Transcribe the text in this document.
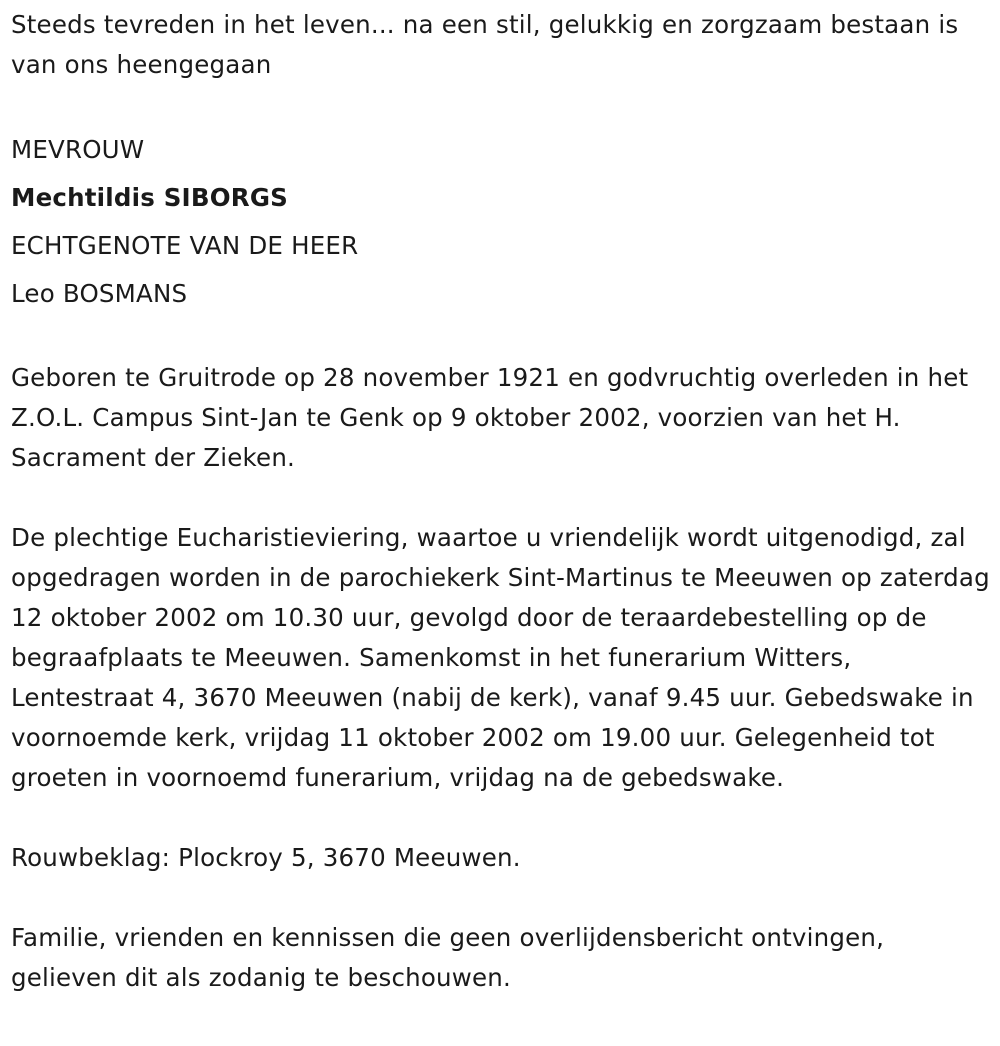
Steeds tevreden in het leven... na een stil, gelukkig en zorgzaam bestaan is van ons heengegaan

MEVROUW

Mechtildis SIBORGS

ECHTGENOTE VAN DE HEER

Leo BOSMANS

Geboren te Gruitrode op 28 november 1921 en godvruchtig overleden in het Z.O.L. Campus Sint-Jan te Genk op 9 oktober 2002, voorzien van het H. Sacrament der Zieken.

De plechtige Eucharistieviering, waartoe u vriendelijk wordt uitgenodigd, zal opgedragen worden in de parochiekerk Sint-Martinus te Meeuwen op zaterdag 12 oktober 2002 om 10.30 uur, gevolgd door de teraardebestelling op de begraafplaats te Meeuwen. Samenkomst in het funerarium Witters, Lentestraat 4, 3670 Meeuwen (nabij de kerk), vanaf 9.45 uur. Gebedswake in voornoemde kerk, vrijdag 11 oktober 2002 om 19.00 uur. Gelegenheid tot groeten in voornoemd funerarium, vrijdag na de gebedswake.

Rouwbeklag: Plockroy 5, 3670 Meeuwen.

Familie, vrienden en kennissen die geen overlijdensbericht ontvingen, gelieven dit als zodanig te beschouwen.
